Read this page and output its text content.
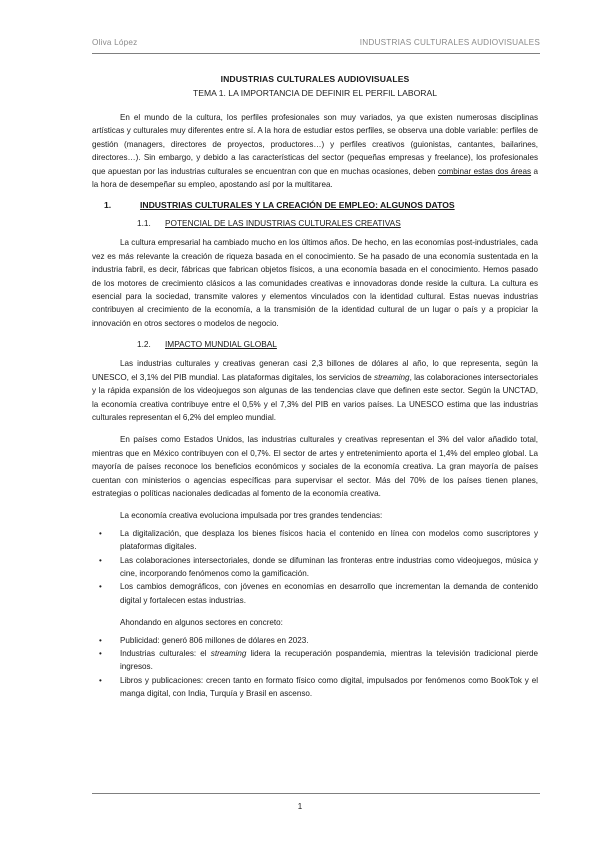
Oliva López	INDUSTRIAS CULTURALES AUDIOVISUALES
INDUSTRIAS CULTURALES AUDIOVISUALES
TEMA 1. LA IMPORTANCIA DE DEFINIR EL PERFIL LABORAL

En el mundo de la cultura, los perfiles profesionales son muy variados, ya que existen numerosas disciplinas artísticas y culturales muy diferentes entre sí. A la hora de estudiar estos perfiles, se observa una doble variable: perfiles de gestión (managers, directores de proyectos, productores…) y perfiles creativos (guionistas, cantantes, bailarines, directores…). Sin embargo, y debido a las características del sector (pequeñas empresas y freelance), los profesionales que apuestan por las industrias culturales se encuentran con que en muchas ocasiones, deben combinar estas dos áreas a la hora de desempeñar su empleo, apostando así por la multitarea.

1.	INDUSTRIAS CULTURALES Y LA CREACIÓN DE EMPLEO: ALGUNOS DATOS
1.1.	POTENCIAL DE LAS INDUSTRIAS CULTURALES CREATIVAS

La cultura empresarial ha cambiado mucho en los últimos años. De hecho, en las economías post-industriales, cada vez es más relevante la creación de riqueza basada en el conocimiento. Se ha pasado de una economía sustentada en la industria fabril, es decir, fábricas que fabrican objetos físicos, a una economía basada en el conocimiento. Hemos pasado de los motores de crecimiento clásicos a las comunidades creativas e innovadoras donde reside la cultura. La cultura es esencial para la sociedad, transmite valores y elementos vinculados con la identidad cultural. Estas nuevas industrias contribuyen al crecimiento de la economía, a la transmisión de la identidad cultural de un lugar o país y a propiciar la innovación en otros sectores o modelos de negocio.

1.2.	IMPACTO MUNDIAL GLOBAL

Las industrias culturales y creativas generan casi 2,3 billones de dólares al año, lo que representa, según la UNESCO, el 3,1% del PIB mundial. Las plataformas digitales, los servicios de streaming, las colaboraciones intersectoriales y la rápida expansión de los videojuegos son algunas de las tendencias clave que definen este sector. Según la UNCTAD, la economía creativa contribuye entre el 0,5% y el 7,3% del PIB en varios países. La UNESCO estima que las industrias culturales representan el 6,2% del empleo mundial.

En países como Estados Unidos, las industrias culturales y creativas representan el 3% del valor añadido total, mientras que en México contribuyen con el 0,7%. El sector de artes y entretenimiento aporta el 1,4% del empleo global. La mayoría de países reconoce los beneficios económicos y sociales de la economía creativa. La gran mayoría de países cuentan con ministerios o agencias específicas para supervisar el sector. Más del 70% de los países tienen planes, estrategias o políticas nacionales dedicadas al fomento de la economía creativa.

La economía creativa evoluciona impulsada por tres grandes tendencias:

• La digitalización, que desplaza los bienes físicos hacia el contenido en línea con modelos como suscriptores y plataformas digitales.
• Las colaboraciones intersectoriales, donde se difuminan las fronteras entre industrias como videojuegos, música y cine, incorporando fenómenos como la gamificación.
• Los cambios demográficos, con jóvenes en economías en desarrollo que incrementan la demanda de contenido digital y fortalecen estas industrias.

Ahondando en algunos sectores en concreto:

• Publicidad: generó 806 millones de dólares en 2023.
• Industrias culturales: el streaming lidera la recuperación pospandemia, mientras la televisión tradicional pierde ingresos.
• Libros y publicaciones: crecen tanto en formato físico como digital, impulsados por fenómenos como BookTok y el manga digital, con India, Turquía y Brasil en ascenso.
1
